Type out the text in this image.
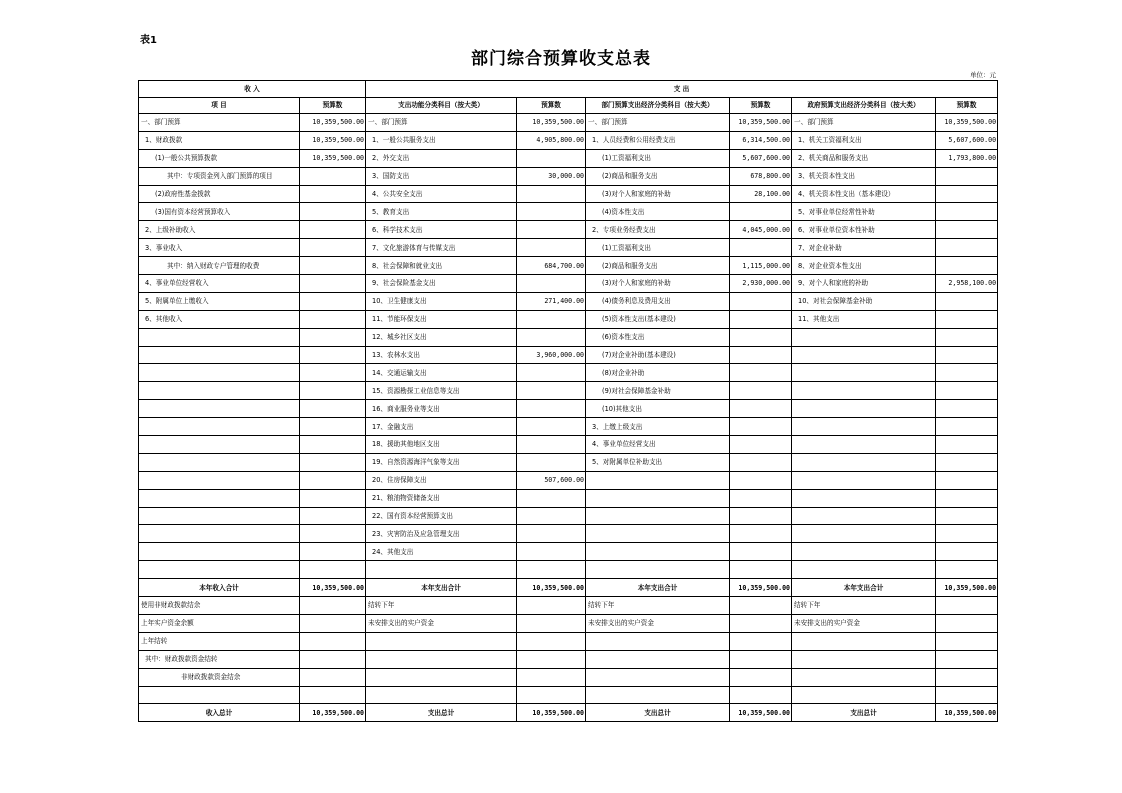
表1
部门综合预算收支总表
单位：元
收 入		支 出					
项 目	预算数	支出功能分类科目（按大类）	预算数	部门预算支出经济分类科目（按大类）	预算数	政府预算支出经济分类科目（按大类）	预算数
一、部门预算	10,359,500.00	一、部门预算	10,359,500.00	一、部门预算	10,359,500.00	一、部门预算	10,359,500.00
1、财政拨款	10,359,500.00	1、一般公共服务支出	4,905,800.00	1、人员经费和公用经费支出	6,314,500.00	1、机关工资福利支出	5,607,600.00
(1)一般公共预算拨款	10,359,500.00	2、外交支出		(1)工资福利支出	5,607,600.00	2、机关商品和服务支出	1,793,800.00
其中：专项资金列入部门预算的项目		3、国防支出	30,000.00	(2)商品和服务支出	678,800.00	3、机关资本性支出	
(2)政府性基金拨款		4、公共安全支出		(3)对个人和家庭的补助	28,100.00	4、机关资本性支出（基本建设）	
(3)国有资本经营预算收入		5、教育支出		(4)资本性支出		5、对事业单位经常性补助	
2、上级补助收入		6、科学技术支出		2、专项业务经费支出	4,045,000.00	6、对事业单位资本性补助	
3、事业收入		7、文化旅游体育与传媒支出		(1)工资福利支出		7、对企业补助	
其中：纳入财政专户管理的收费		8、社会保障和就业支出	684,700.00	(2)商品和服务支出	1,115,000.00	8、对企业资本性支出	
4、事业单位经营收入		9、社会保险基金支出		(3)对个人和家庭的补助	2,930,000.00	9、对个人和家庭的补助	2,958,100.00
5、附属单位上缴收入		10、卫生健康支出	271,400.00	(4)债务利息及费用支出		10、对社会保障基金补助	
6、其他收入		11、节能环保支出		(5)资本性支出(基本建设)		11、其他支出	
		12、城乡社区支出		(6)资本性支出			
		13、农林水支出	3,960,000.00	(7)对企业补助(基本建设)			
		14、交通运输支出		(8)对企业补助			
		15、资源勘探工业信息等支出		(9)对社会保障基金补助			
		16、商业服务业等支出		(10)其他支出			
		17、金融支出		3、上缴上级支出			
		18、援助其他地区支出		4、事业单位经营支出			
		19、自然资源海洋气象等支出		5、对附属单位补助支出			
		20、住房保障支出	507,600.00				
		21、粮油物资储备支出					
		22、国有资本经营预算支出					
		23、灾害防治及应急管理支出					
		24、其他支出					

本年收入合计	10,359,500.00	本年支出合计	10,359,500.00	本年支出合计	10,359,500.00	本年支出合计	10,359,500.00
使用非财政拨款结余		结转下年		结转下年		结转下年	
上年实户资金余额		未安排支出的实户资金		未安排支出的实户资金		未安排支出的实户资金	
上年结转							
其中：财政拨款资金结转							
非财政拨款资金结余							

收入总计	10,359,500.00	支出总计	10,359,500.00	支出总计	10,359,500.00	支出总计	10,359,500.00
